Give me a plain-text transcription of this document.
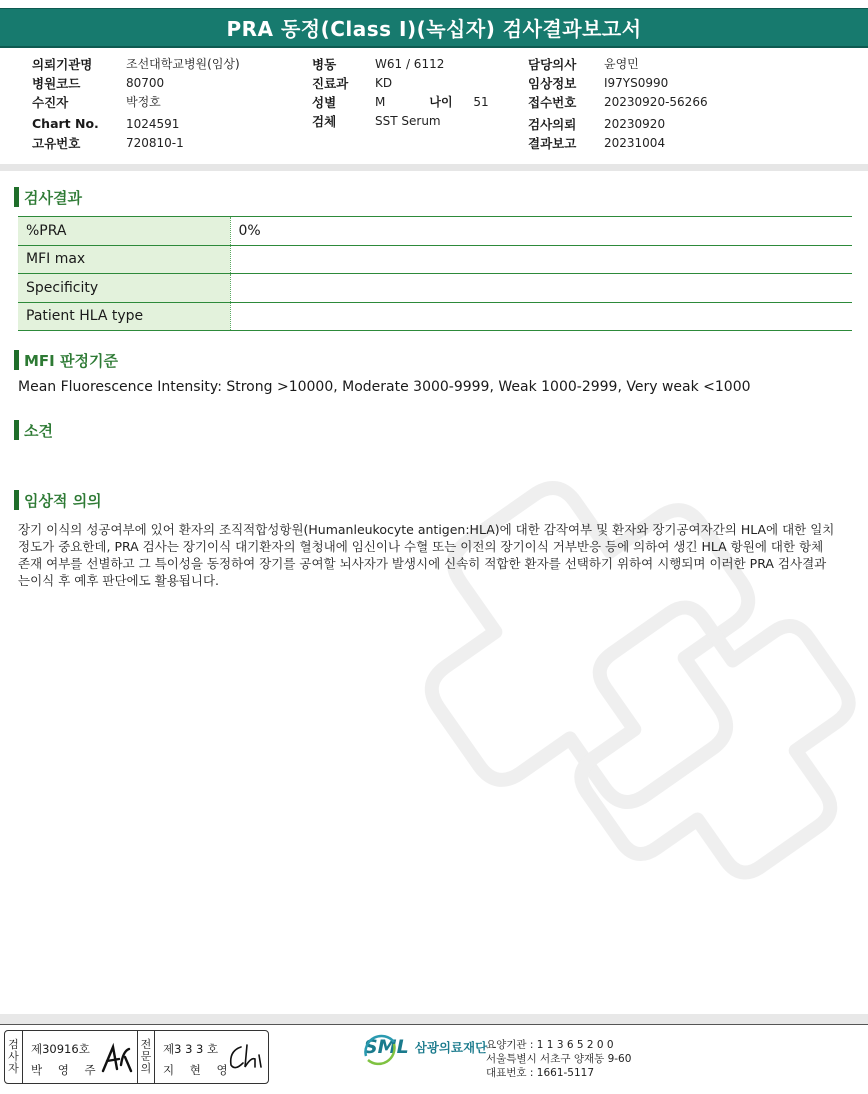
PRA 동정(Class I)(녹십자) 검사결과보고서
의뢰기관명	조선대학교병원(임상)
병원코드	80700
수진자	박정호
Chart No.	1024591
고유번호	720810-1
병동	W61 / 6112
진료과	KD
성별	M	나이	51
검체	SST Serum
담당의사	윤영민
임상정보	I97YS0990
접수번호	20230920-56266
검사의뢰	20230920
결과보고	20231004
검사결과
%PRA	0%
MFI max	
Specificity	
Patient HLA type	
MFI 판정기준
Mean Fluorescence Intensity: Strong >10000, Moderate 3000-9999, Weak 1000-2999, Very weak <1000
소견
임상적 의의
장기 이식의 성공여부에 있어 환자의 조직적합성항원(Humanleukocyte antigen:HLA)에 대한 감작여부 및 환자와 장기공여자간의 HLA에 대한 일치정도가 중요한데, PRA 검사는 장기이식 대기환자의 혈청내에 임신이나 수혈 또는 이전의 장기이식 거부반응 등에 의하여 생긴 HLA 항원에 대한 항체 존재 여부를 선별하고 그 특이성을 동정하여 장기를 공여할 뇌사자가 발생시에 신속히 적합한 환자를 선택하기 위하여 시행되며 이러한 PRA 검사결과는이식 후 예후 판단에도 활용됩니다.
검
사
자
제30916호
박 영 주
전
문
의
제3 3 3 호
지 현 영
SML 삼광의료재단
요양기관 : 1 1 3 6 5 2 0 0
서울특별시 서초구 양재동 9-60
대표번호 : 1661-5117
